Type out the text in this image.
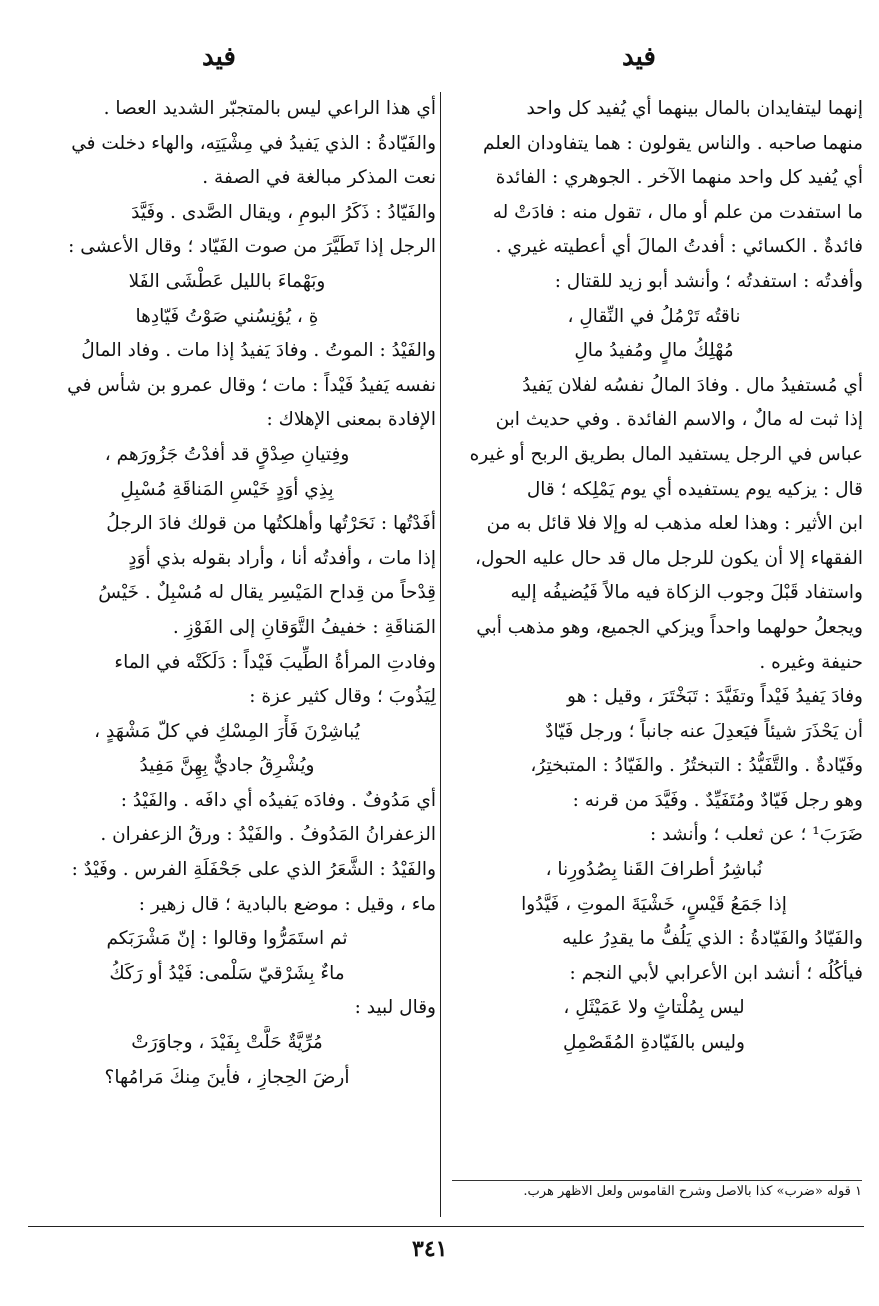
فيد
فيد
إنهما ليتفايدان بالمال بينهما أي يُفيد كل واحد
منهما صاحبه . والناس يقولون : هما يتفاودان العلم
أي يُفيد كل واحد منهما الآخر . الجوهري : الفائدة
ما استفدت من علم أو مال ، تقول منه : فادَتْ له
فائدةٌ . الكسائي : أفدتُ المالَ أي أعطيته غيري .
وأفدتُه : استفدتُه ؛ وأنشد أبو زيد للقتال :
ناقتُه تَرْمُلُ في النِّقالِ ،
مُهْلِكُ مالٍ ومُفيدُ مالِ
أي مُستفيدُ مال . وفادَ المالُ نفسُه لفلان يَفيدُ
إذا ثبت له مالٌ ، والاسم الفائدة . وفي حديث ابن
عباس في الرجل يستفيد المال بطريق الربح أو غيره
قال : يزكيه يوم يستفيده أي يوم يَمْلِكه ؛ قال
ابن الأثير : وهذا لعله مذهب له وإلا فلا قائل به من
الفقهاء إلا أن يكون للرجل مال قد حال عليه الحول،
واستفاد قَبْلَ وجوب الزكاة فيه مالاً فَيُضيفُه إليه
ويجعلُ حولهما واحداً ويزكي الجميع، وهو مذهب أبي
حنيفة وغيره .
وفادَ يَفيدُ فَيْداً وتفَيَّدَ : تَبَخْتَرَ ، وقيل : هو
أن يَحْذَرَ شيئاً فيَعدِلَ عنه جانباً ؛ ورجل فَيّادٌ
وفَيّادةٌ . والتَّفَيُّدُ : التبختُرُ . والفَيّادُ : المتبختِرُ،
وهو رجل فَيّادٌ ومُتَفَيِّدٌ . وفَيَّدَ من قرنه :
ضَرَبَ¹ ؛ عن ثعلب ؛ وأنشد :
نُباشِرُ أطرافَ القَنا بِصُدُورِنا ،
إذا جَمَعُ قَيْسٍ، خَشْيَةَ الموتِ ، فَيَّدُوا
والفَيّادُ والفَيّادةُ : الذي يَلُفُّ ما يقدِرُ عليه
فيأكُلُه ؛ أنشد ابن الأعرابي لأبي النجم :
ليس بِمُلْتاثٍ ولا عَمَيْثَلِ ،
وليس بالفَيّادةِ المُقَصْمِلِ
أي هذا الراعي ليس بالمتجبّر الشديد العصا .
والفَيّادةُ : الذي يَفيدُ في مِشْيَتِه، والهاء دخلت في
نعت المذكر مبالغة في الصفة .
والفَيّادُ : ذَكَرُ البومِ ، ويقال الصَّدى . وفَيَّدَ
الرجل إذا تَطَيَّرَ من صوت الفَيّاد ؛ وقال الأعشى :
وبَهْماءَ بالليل عَطْشَى الفَلا
ةِ ، يُؤنِسُني صَوْتُ فَيّادِها
والفَيْدُ : الموتُ . وفادَ يَفيدُ إذا مات . وفاد المالُ
نفسه يَفيدُ فَيْداً : مات ؛ وقال عمرو بن شأس في
الإفادة بمعنى الإهلاك :
وفِتيانِ صِدْقٍ قد أفدْتُ جَزُورَهم ،
بِذِي أوَدٍ خَيْسِ المَناقَةِ مُسْبِلِ
أفَدْتُها : نَحَرْتُها وأهلكتُها من قولك فادَ الرجلُ
إذا مات ، وأفدتُه أنا ، وأراد بقوله بذي أوَدٍ
قِدْحاً من قِداح المَيْسِر يقال له مُسْبِلٌ . خَيْسُ
المَناقَةِ : خفيفُ التَّوَقانِ إلى الفَوْزِ .
وفادتِ المرأةُ الطِّيبَ فَيْداً : دَلَكَتْه في الماء
لِيَذُوبَ ؛ وقال كثير عزة :
يُباشِرْنَ فَأْرَ المِسْكِ في كلّ مَشْهَدٍ ،
ويُشْرِقُ جاديٌّ بِهِنَّ مَفِيدُ
أي مَدُوفٌ . وفادَه يَفيدُه أي دافَه . والفَيْدُ :
الزعفرانُ المَدُوفُ . والفَيْدُ : ورقُ الزعفران .
والفَيْدُ : الشَّعَرُ الذي على جَحْفَلَةِ الفرس . وفَيْدٌ :
ماء ، وقيل : موضع بالبادية ؛ قال زهير :
ثم استَمَرُّوا وقالوا : إنّ مَشْرَبَكم
ماءٌ بِشَرْقيّ سَلْمى: فَيْدُ أو رَكَكُ
وقال لبيد :
مُرِّيَّةٌ حَلَّتْ بِفَيْدَ ، وجاوَرَتْ
أرضَ الحِجازِ ، فأينَ مِنكَ مَرامُها؟
١ قوله «ضرب» كذا بالاصل وشرح القاموس ولعل الاظهر هرب.
٣٤١
